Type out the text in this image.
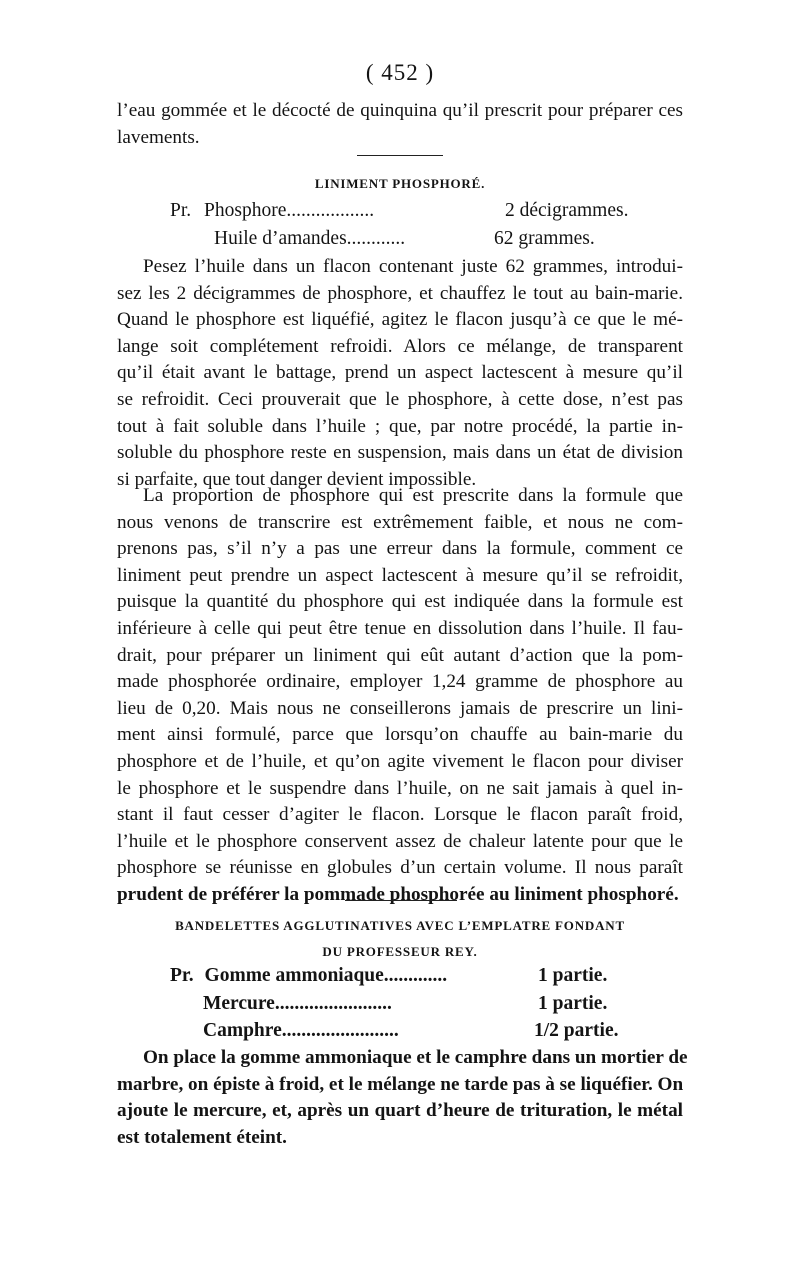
( 452 )

l’eau gommée et le décocté de quinquina qu’il prescrit pour préparer ces
lavements.

LINIMENT PHOSPHORÉ.
Pr. Phosphore..................	2 décigrammes.
Huile d’amandes............	62 grammes.

Pesez l’huile dans un flacon contenant juste 62 grammes, introdui-
sez les 2 décigrammes de phosphore, et chauffez le tout au bain-marie.
Quand le phosphore est liquéfié, agitez le flacon jusqu’à ce que le mé-
lange soit complétement refroidi. Alors ce mélange, de transparent
qu’il était avant le battage, prend un aspect lactescent à mesure qu’il
se refroidit. Ceci prouverait que le phosphore, à cette dose, n’est pas
tout à fait soluble dans l’huile ; que, par notre procédé, la partie in-
soluble du phosphore reste en suspension, mais dans un état de division
si parfaite, que tout danger devient impossible.

La proportion de phosphore qui est prescrite dans la formule que
nous venons de transcrire est extrêmement faible, et nous ne com-
prenons pas, s’il n’y a pas une erreur dans la formule, comment ce
liniment peut prendre un aspect lactescent à mesure qu’il se refroidit,
puisque la quantité du phosphore qui est indiquée dans la formule est
inférieure à celle qui peut être tenue en dissolution dans l’huile. Il fau-
drait, pour préparer un liniment qui eût autant d’action que la pom-
made phosphorée ordinaire, employer 1,24 gramme de phosphore au
lieu de 0,20. Mais nous ne conseillerons jamais de prescrire un lini-
ment ainsi formulé, parce que lorsqu’on chauffe au bain-marie du
phosphore et de l’huile, et qu’on agite vivement le flacon pour diviser
le phosphore et le suspendre dans l’huile, on ne sait jamais à quel in-
stant il faut cesser d’agiter le flacon. Lorsque le flacon paraît froid,
l’huile et le phosphore conservent assez de chaleur latente pour que le
phosphore se réunisse en globules d’un certain volume. Il nous paraît
prudent de préférer la pommade phosphorée au liniment phosphoré.

BANDELETTES AGGLUTINATIVES AVEC L’EMPLATRE FONDANT
DU PROFESSEUR REY.
Pr. Gomme ammoniaque.............	1 partie.
Mercure........................	1 partie.
Camphre........................	1/2 partie.

On place la gomme ammoniaque et le camphre dans un mortier de
marbre, on épiste à froid, et le mélange ne tarde pas à se liquéfier. On
ajoute le mercure, et, après un quart d’heure de trituration, le métal
est totalement éteint.
